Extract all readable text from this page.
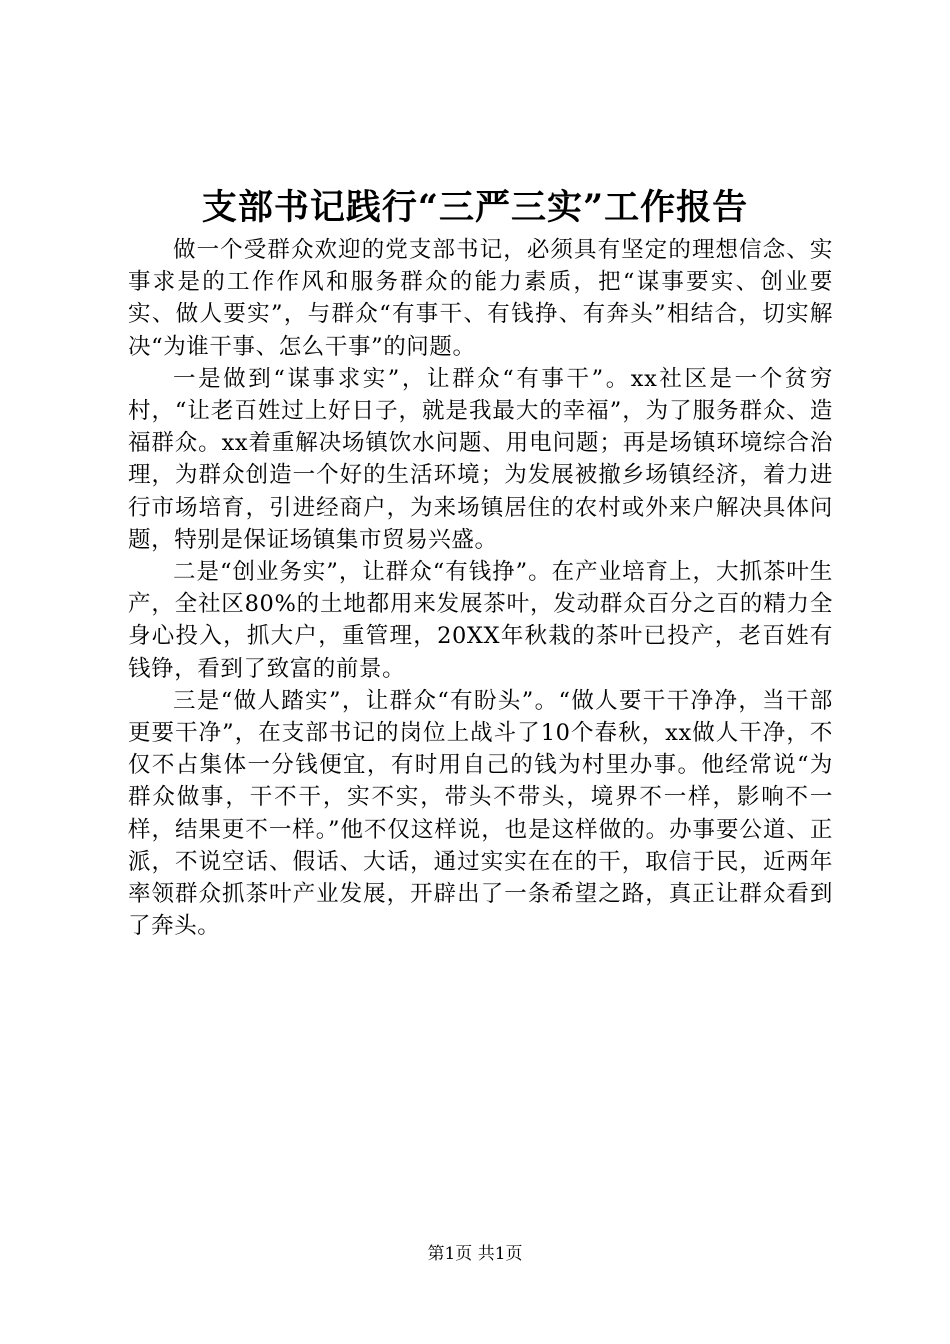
支部书记践行“三严三实”工作报告

做一个受群众欢迎的党支部书记，必须具有坚定的理想信念、实事求是的工作作风和服务群众的能力素质，把“谋事要实、创业要实、做人要实”，与群众“有事干、有钱挣、有奔头”相结合，切实解决“为谁干事、怎么干事”的问题。

一是做到“谋事求实”，让群众“有事干”。xx社区是一个贫穷村，“让老百姓过上好日子，就是我最大的幸福”，为了服务群众、造福群众。xx着重解决场镇饮水问题、用电问题；再是场镇环境综合治理，为群众创造一个好的生活环境；为发展被撤乡场镇经济，着力进行市场培育，引进经商户，为来场镇居住的农村或外来户解决具体问题，特别是保证场镇集市贸易兴盛。

二是“创业务实”，让群众“有钱挣”。在产业培育上，大抓茶叶生产，全社区80%的土地都用来发展茶叶，发动群众百分之百的精力全身心投入，抓大户，重管理，20XX年秋栽的茶叶已投产，老百姓有钱铮，看到了致富的前景。

三是“做人踏实”，让群众“有盼头”。“做人要干干净净，当干部更要干净”，在支部书记的岗位上战斗了10个春秋，xx做人干净，不仅不占集体一分钱便宜，有时用自己的钱为村里办事。他经常说“为群众做事，干不干，实不实，带头不带头，境界不一样，影响不一样，结果更不一样。”他不仅这样说，也是这样做的。办事要公道、正派，不说空话、假话、大话，通过实实在在的干，取信于民，近两年率领群众抓茶叶产业发展，开辟出了一条希望之路，真正让群众看到了奔头。

第1页 共1页
